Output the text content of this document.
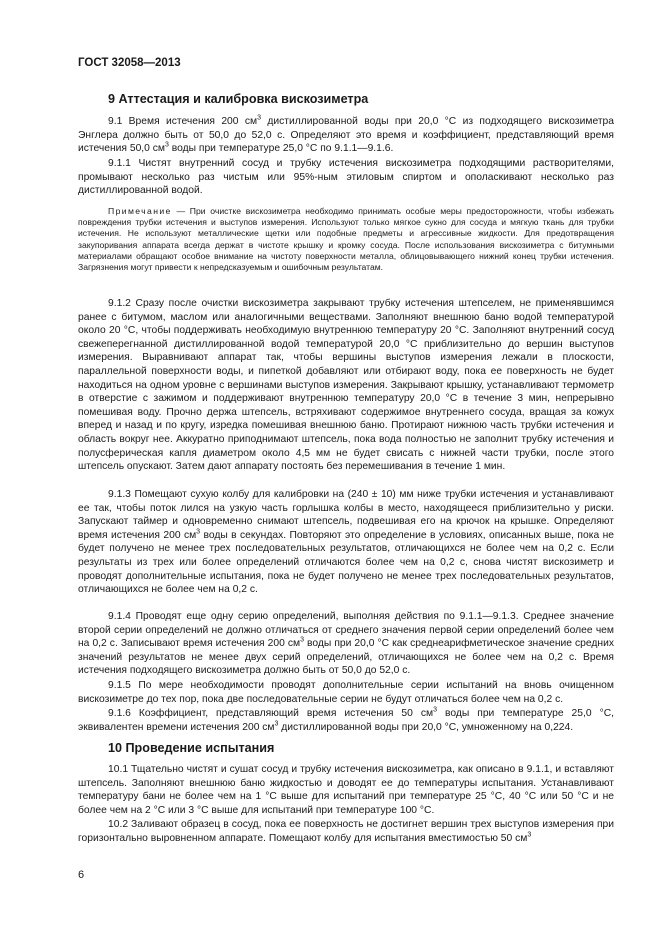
ГОСТ 32058—2013
9 Аттестация и калибровка вискозиметра

9.1 Время истечения 200 $см^3$ дистиллированной воды при 20,0 °С из подходящего вискозиметра Энглера должно быть от 50,0 до 52,0 с. Определяют это время и коэффициент, представляющий время истечения 50,0 $см^3$ воды при температуре 25,0 °С по 9.1.1—9.1.6.

9.1.1 Чистят внутренний сосуд и трубку истечения вискозиметра подходящими растворителями, промывают несколько раз чистым или 95%-ным этиловым спиртом и ополаскивают несколько раз дистиллированной водой.

Примечание — При очистке вискозиметра необходимо принимать особые меры предосторожности, чтобы избежать повреждения трубки истечения и выступов измерения. Используют только мягкое сукно для сосуда и мягкую ткань для трубки истечения. Не используют металлические щетки или подобные предметы и агрессивные жидкости. Для предотвращения закупоривания аппарата всегда держат в чистоте крышку и кромку сосуда. После использования вискозиметра с битумными материалами обращают особое внимание на чистоту поверхности металла, облицовывающего нижний конец трубки истечения. Загрязнения могут привести к непредсказуемым и ошибочным результатам.

9.1.2 Сразу после очистки вискозиметра закрывают трубку истечения штепселем, не применявшимся ранее с битумом, маслом или аналогичными веществами. Заполняют внешнюю баню водой температурой около 20 °С, чтобы поддерживать необходимую внутреннюю температуру 20 °С. Заполняют внутренний сосуд свежеперегнанной дистиллированной водой температурой 20,0 °С приблизительно до вершин выступов измерения. Выравнивают аппарат так, чтобы вершины выступов измерения лежали в плоскости, параллельной поверхности воды, и пипеткой добавляют или отбирают воду, пока ее поверхность не будет находиться на одном уровне с вершинами выступов измерения. Закрывают крышку, устанавливают термометр в отверстие с зажимом и поддерживают внутреннюю температуру 20,0 °С в течение 3 мин, непрерывно помешивая воду. Прочно держа штепсель, встряхивают содержимое внутреннего сосуда, вращая за кожух вперед и назад и по кругу, изредка помешивая внешнюю баню. Протирают нижнюю часть трубки истечения и область вокруг нее. Аккуратно приподнимают штепсель, пока вода полностью не заполнит трубку истечения и полусферическая капля диаметром около 4,5 мм не будет свисать с нижней части трубки, после этого штепсель опускают. Затем дают аппарату постоять без перемешивания в течение 1 мин.

9.1.3 Помещают сухую колбу для калибровки на (240 ± 10) мм ниже трубки истечения и устанавливают ее так, чтобы поток лился на узкую часть горлышка колбы в место, находящееся приблизительно у риски. Запускают таймер и одновременно снимают штепсель, подвешивая его на крючок на крышке. Определяют время истечения 200 $см^3$ воды в секундах. Повторяют это определение в условиях, описанных выше, пока не будет получено не менее трех последовательных результатов, отличающихся не более чем на 0,2 с. Если результаты из трех или более определений отличаются более чем на 0,2 с, снова чистят вискозиметр и проводят дополнительные испытания, пока не будет получено не менее трех последовательных результатов, отличающихся не более чем на 0,2 с.

9.1.4 Проводят еще одну серию определений, выполняя действия по 9.1.1—9.1.3. Среднее значение второй серии определений не должно отличаться от среднего значения первой серии определений более чем на 0,2 с. Записывают время истечения 200 $см^3$ воды при 20,0 °С как среднеарифметическое значение средних значений результатов не менее двух серий определений, отличающихся не более чем на 0,2 с. Время истечения подходящего вискозиметра должно быть от 50,0 до 52,0 с.

9.1.5 По мере необходимости проводят дополнительные серии испытаний на вновь очищенном вискозиметре до тех пор, пока две последовательные серии не будут отличаться более чем на 0,2 с.

9.1.6 Коэффициент, представляющий время истечения 50 $см^3$ воды при температуре 25,0 °С, эквивалентен времени истечения 200 $см^3$ дистиллированной воды при 20,0 °С, умноженному на 0,224.

10 Проведение испытания

10.1 Тщательно чистят и сушат сосуд и трубку истечения вискозиметра, как описано в 9.1.1, и вставляют штепсель. Заполняют внешнюю баню жидкостью и доводят ее до температуры испытания. Устанавливают температуру бани не более чем на 1 °С выше для испытаний при температуре 25 °С, 40 °С или 50 °С и не более чем на 2 °С или 3 °С выше для испытаний при температуре 100 °С.

10.2 Заливают образец в сосуд, пока ее поверхность не достигнет вершин трех выступов измерения при горизонтально выровненном аппарате. Помещают колбу для испытания вместимостью 50 $см^3$

6
